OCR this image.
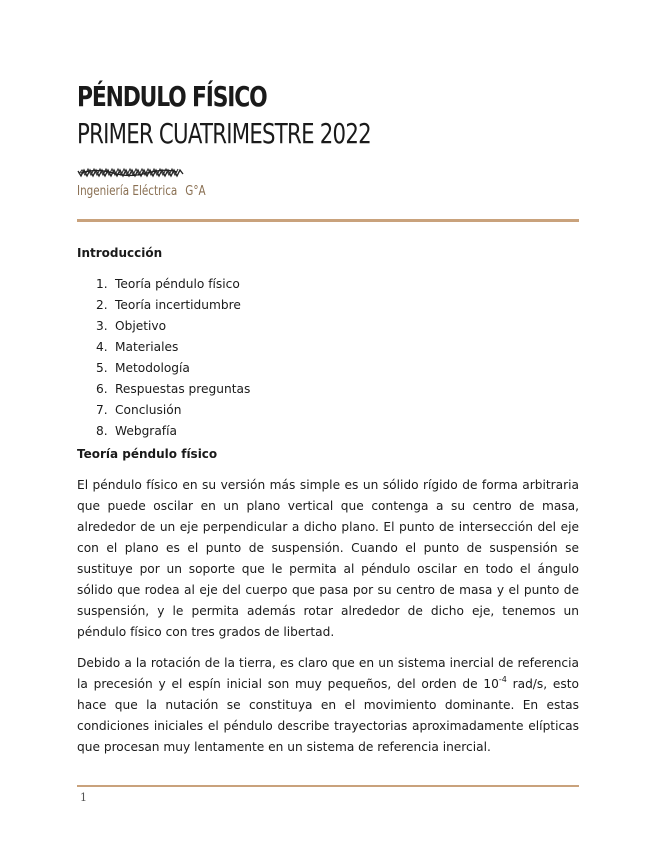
PÉNDULO FÍSICO
PRIMER CUATRIMESTRE 2022
Ingeniería Eléctrica G°A

Introducción

1. Teoría péndulo físico
2. Teoría incertidumbre
3. Objetivo
4. Materiales
5. Metodología
6. Respuestas preguntas
7. Conclusión
8. Webgrafía

Teoría péndulo físico

El péndulo físico en su versión más simple es un sólido rígido de forma arbitraria que puede oscilar en un plano vertical que contenga a su centro de masa, alrededor de un eje perpendicular a dicho plano. El punto de intersección del eje con el plano es el punto de suspensión. Cuando el punto de suspensión se sustituye por un soporte que le permita al péndulo oscilar en todo el ángulo sólido que rodea al eje del cuerpo que pasa por su centro de masa y el punto de suspensión, y le permita además rotar alrededor de dicho eje, tenemos un péndulo físico con tres grados de libertad.

Debido a la rotación de la tierra, es claro que en un sistema inercial de referencia la precesión y el espín inicial son muy pequeños, del orden de $10^{-4}$ rad/s, esto hace que la nutación se constituya en el movimiento dominante. En estas condiciones iniciales el péndulo describe trayectorias aproximadamente elípticas que procesan muy lentamente en un sistema de referencia inercial.

1
